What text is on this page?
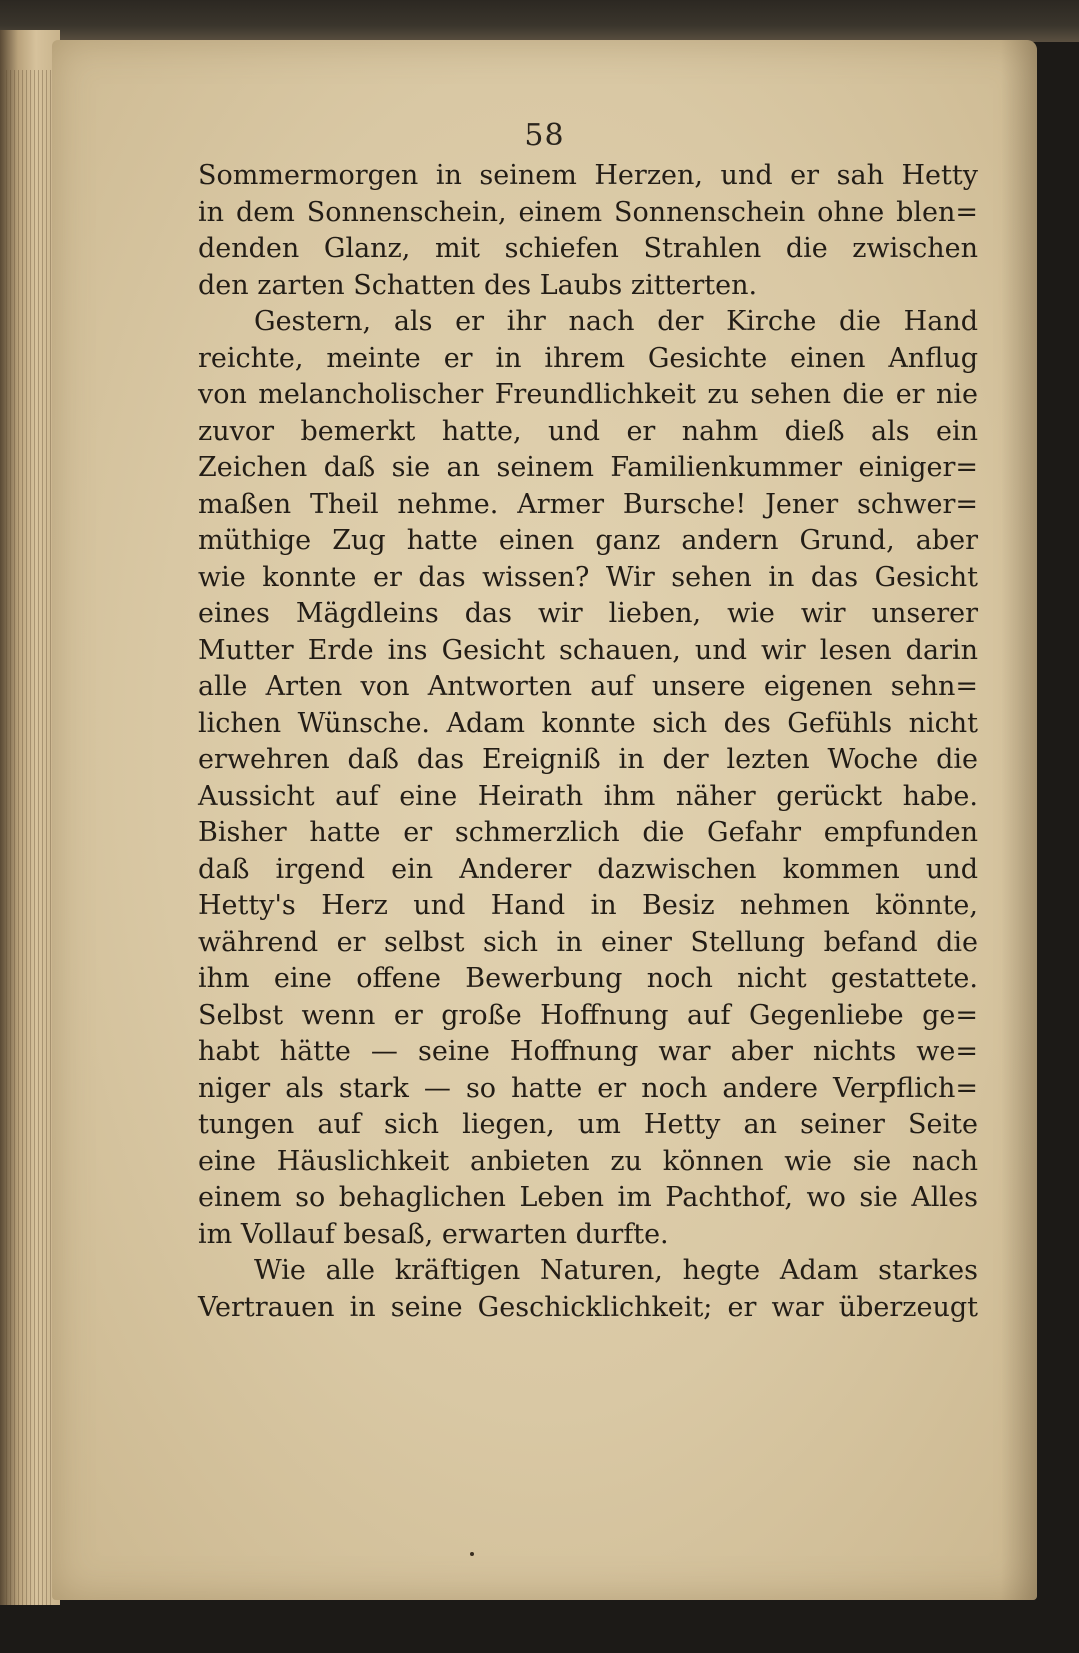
58
Sommermorgen in seinem Herzen, und er sah Hetty
in dem Sonnenschein, einem Sonnenschein ohne blen=
denden Glanz, mit schiefen Strahlen die zwischen
den zarten Schatten des Laubs zitterten.
Gestern, als er ihr nach der Kirche die Hand
reichte, meinte er in ihrem Gesichte einen Anflug
von melancholischer Freundlichkeit zu sehen die er nie
zuvor bemerkt hatte, und er nahm dieß als ein
Zeichen daß sie an seinem Familienkummer einiger=
maßen Theil nehme. Armer Bursche! Jener schwer=
müthige Zug hatte einen ganz andern Grund, aber
wie konnte er das wissen? Wir sehen in das Gesicht
eines Mägdleins das wir lieben, wie wir unserer
Mutter Erde ins Gesicht schauen, und wir lesen darin
alle Arten von Antworten auf unsere eigenen sehn=
lichen Wünsche. Adam konnte sich des Gefühls nicht
erwehren daß das Ereigniß in der lezten Woche die
Aussicht auf eine Heirath ihm näher gerückt habe.
Bisher hatte er schmerzlich die Gefahr empfunden
daß irgend ein Anderer dazwischen kommen und
Hetty's Herz und Hand in Besiz nehmen könnte,
während er selbst sich in einer Stellung befand die
ihm eine offene Bewerbung noch nicht gestattete.
Selbst wenn er große Hoffnung auf Gegenliebe ge=
habt hätte — seine Hoffnung war aber nichts we=
niger als stark — so hatte er noch andere Verpflich=
tungen auf sich liegen, um Hetty an seiner Seite
eine Häuslichkeit anbieten zu können wie sie nach
einem so behaglichen Leben im Pachthof, wo sie Alles
im Vollauf besaß, erwarten durfte.
Wie alle kräftigen Naturen, hegte Adam starkes
Vertrauen in seine Geschicklichkeit; er war überzeugt
